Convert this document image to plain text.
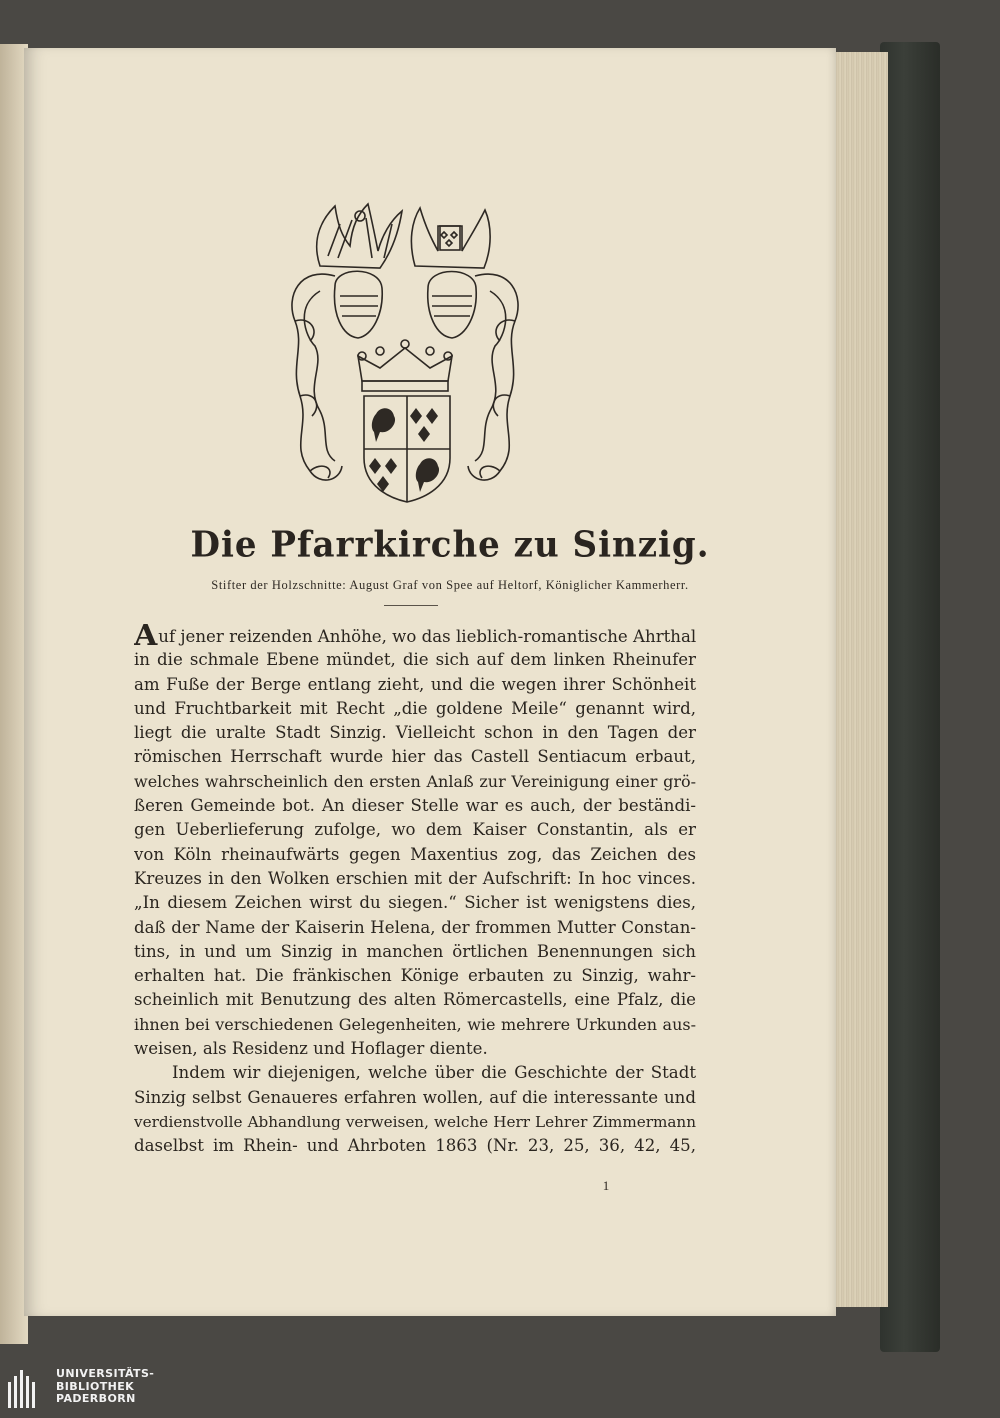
Die Pfarrkirche zu Sinzig.
Stifter der Holzschnitte: August Graf von Spee auf Heltorf, Königlicher Kammerherr.
Auf jener reizenden Anhöhe, wo das lieblich-romantische Ahrthal
in die schmale Ebene mündet, die sich auf dem linken Rheinufer
am Fuße der Berge entlang zieht, und die wegen ihrer Schönheit
und Fruchtbarkeit mit Recht „die goldene Meile“ genannt wird,
liegt die uralte Stadt Sinzig. Vielleicht schon in den Tagen der
römischen Herrschaft wurde hier das Castell Sentiacum erbaut,
welches wahrscheinlich den ersten Anlaß zur Vereinigung einer grö-
ßeren Gemeinde bot. An dieser Stelle war es auch, der beständi-
gen Ueberlieferung zufolge, wo dem Kaiser Constantin, als er
von Köln rheinaufwärts gegen Maxentius zog, das Zeichen des
Kreuzes in den Wolken erschien mit der Aufschrift: In hoc vinces.
„In diesem Zeichen wirst du siegen.“ Sicher ist wenigstens dies,
daß der Name der Kaiserin Helena, der frommen Mutter Constan-
tins, in und um Sinzig in manchen örtlichen Benennungen sich
erhalten hat. Die fränkischen Könige erbauten zu Sinzig, wahr-
scheinlich mit Benutzung des alten Römercastells, eine Pfalz, die
ihnen bei verschiedenen Gelegenheiten, wie mehrere Urkunden aus-
weisen, als Residenz und Hoflager diente.
Indem wir diejenigen, welche über die Geschichte der Stadt
Sinzig selbst Genaueres erfahren wollen, auf die interessante und
verdienstvolle Abhandlung verweisen, welche Herr Lehrer Zimmermann
daselbst im Rhein- und Ahrboten 1863 (Nr. 23, 25, 36, 42, 45,
1
UNIVERSITÄTS-
BIBLIOTHEK
PADERBORN
